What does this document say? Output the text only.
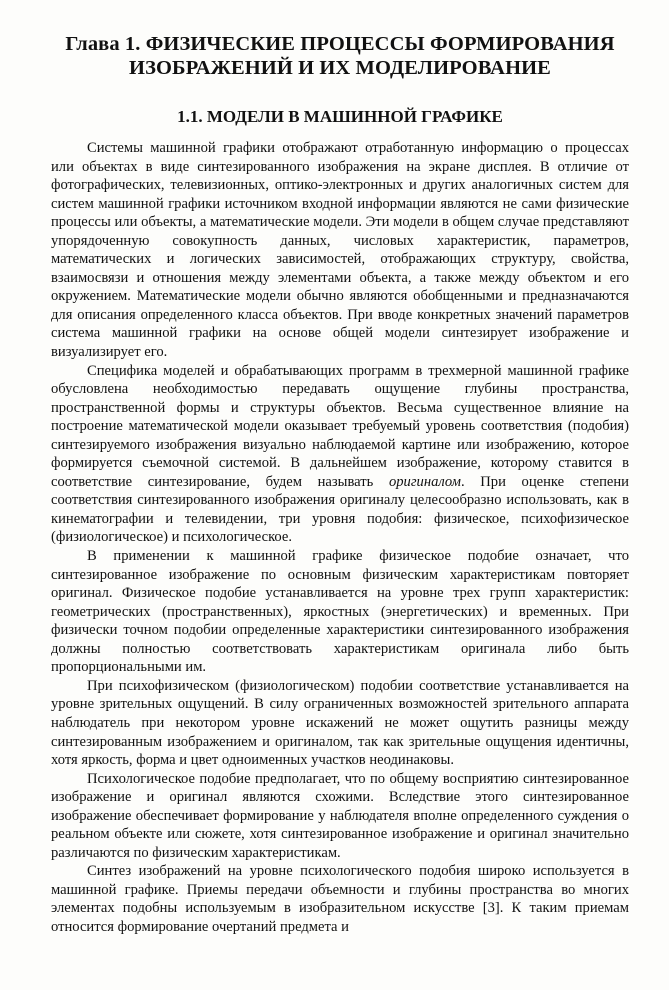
Глава 1. ФИЗИЧЕСКИЕ ПРОЦЕССЫ ФОРМИРОВАНИЯ
ИЗОБРАЖЕНИЙ И ИХ МОДЕЛИРОВАНИЕ
1.1. МОДЕЛИ В МАШИННОЙ ГРАФИКЕ

Системы машинной графики отображают отработанную информацию о процессах или объектах в виде синтезированного изображения на экране дисплея. В отличие от фотографических, телевизионных, оптико-электронных и других аналогичных систем для систем машинной графики источником входной информации являются не сами физические процессы или объекты, а математические модели. Эти модели в общем случае представляют упорядоченную совокупность данных, числовых характеристик, параметров, математических и логических зависимостей, отображающих структуру, свойства, взаимосвязи и отношения между элементами объекта, а также между объектом и его окружением. Математические модели обычно являются обобщенными и предназначаются для описания определенного класса объектов. При вводе конкретных значений параметров система машинной графики на основе общей модели синтезирует изображение и визуализирует его.

Специфика моделей и обрабатывающих программ в трехмерной машинной графике обусловлена необходимостью передавать ощущение глубины пространства, пространственной формы и структуры объектов. Весьма существенное влияние на построение математической модели оказывает требуемый уровень соответствия (подобия) синтезируемого изображения визуально наблюдаемой картине или изображению, которое формируется съемочной системой. В дальнейшем изображение, которому ставится в соответствие синтезирование, будем называть оригиналом. При оценке степени соответствия синтезированного изображения оригиналу целесообразно использовать, как в кинематографии и телевидении, три уровня подобия: физическое, психофизическое (физиологическое) и психологическое.

В применении к машинной графике физическое подобие означает, что синтезированное изображение по основным физическим характеристикам повторяет оригинал. Физическое подобие устанавливается на уровне трех групп характеристик: геометрических (пространственных), яркостных (энергетических) и временных. При физически точном подобии определенные характеристики синтезированного изображения должны полностью соответствовать характеристикам оригинала либо быть пропорциональными им.

При психофизическом (физиологическом) подобии соответствие устанавливается на уровне зрительных ощущений. В силу ограниченных возможностей зрительного аппарата наблюдатель при некотором уровне искажений не может ощутить разницы между синтезированным изображением и оригиналом, так как зрительные ощущения идентичны, хотя яркость, форма и цвет одноименных участков неодинаковы.

Психологическое подобие предполагает, что по общему восприятию синтезированное изображение и оригинал являются схожими. Вследствие этого синтезированное изображение обеспечивает формирование у наблюдателя вполне определенного суждения о реальном объекте или сюжете, хотя синтезированное изображение и оригинал значительно различаются по физическим характеристикам.

Синтез изображений на уровне психологического подобия широко используется в машинной графике. Приемы передачи объемности и глубины пространства во многих элементах подобны используемым в изобразительном искусстве [3]. К таким приемам относится формирование очертаний предмета и
